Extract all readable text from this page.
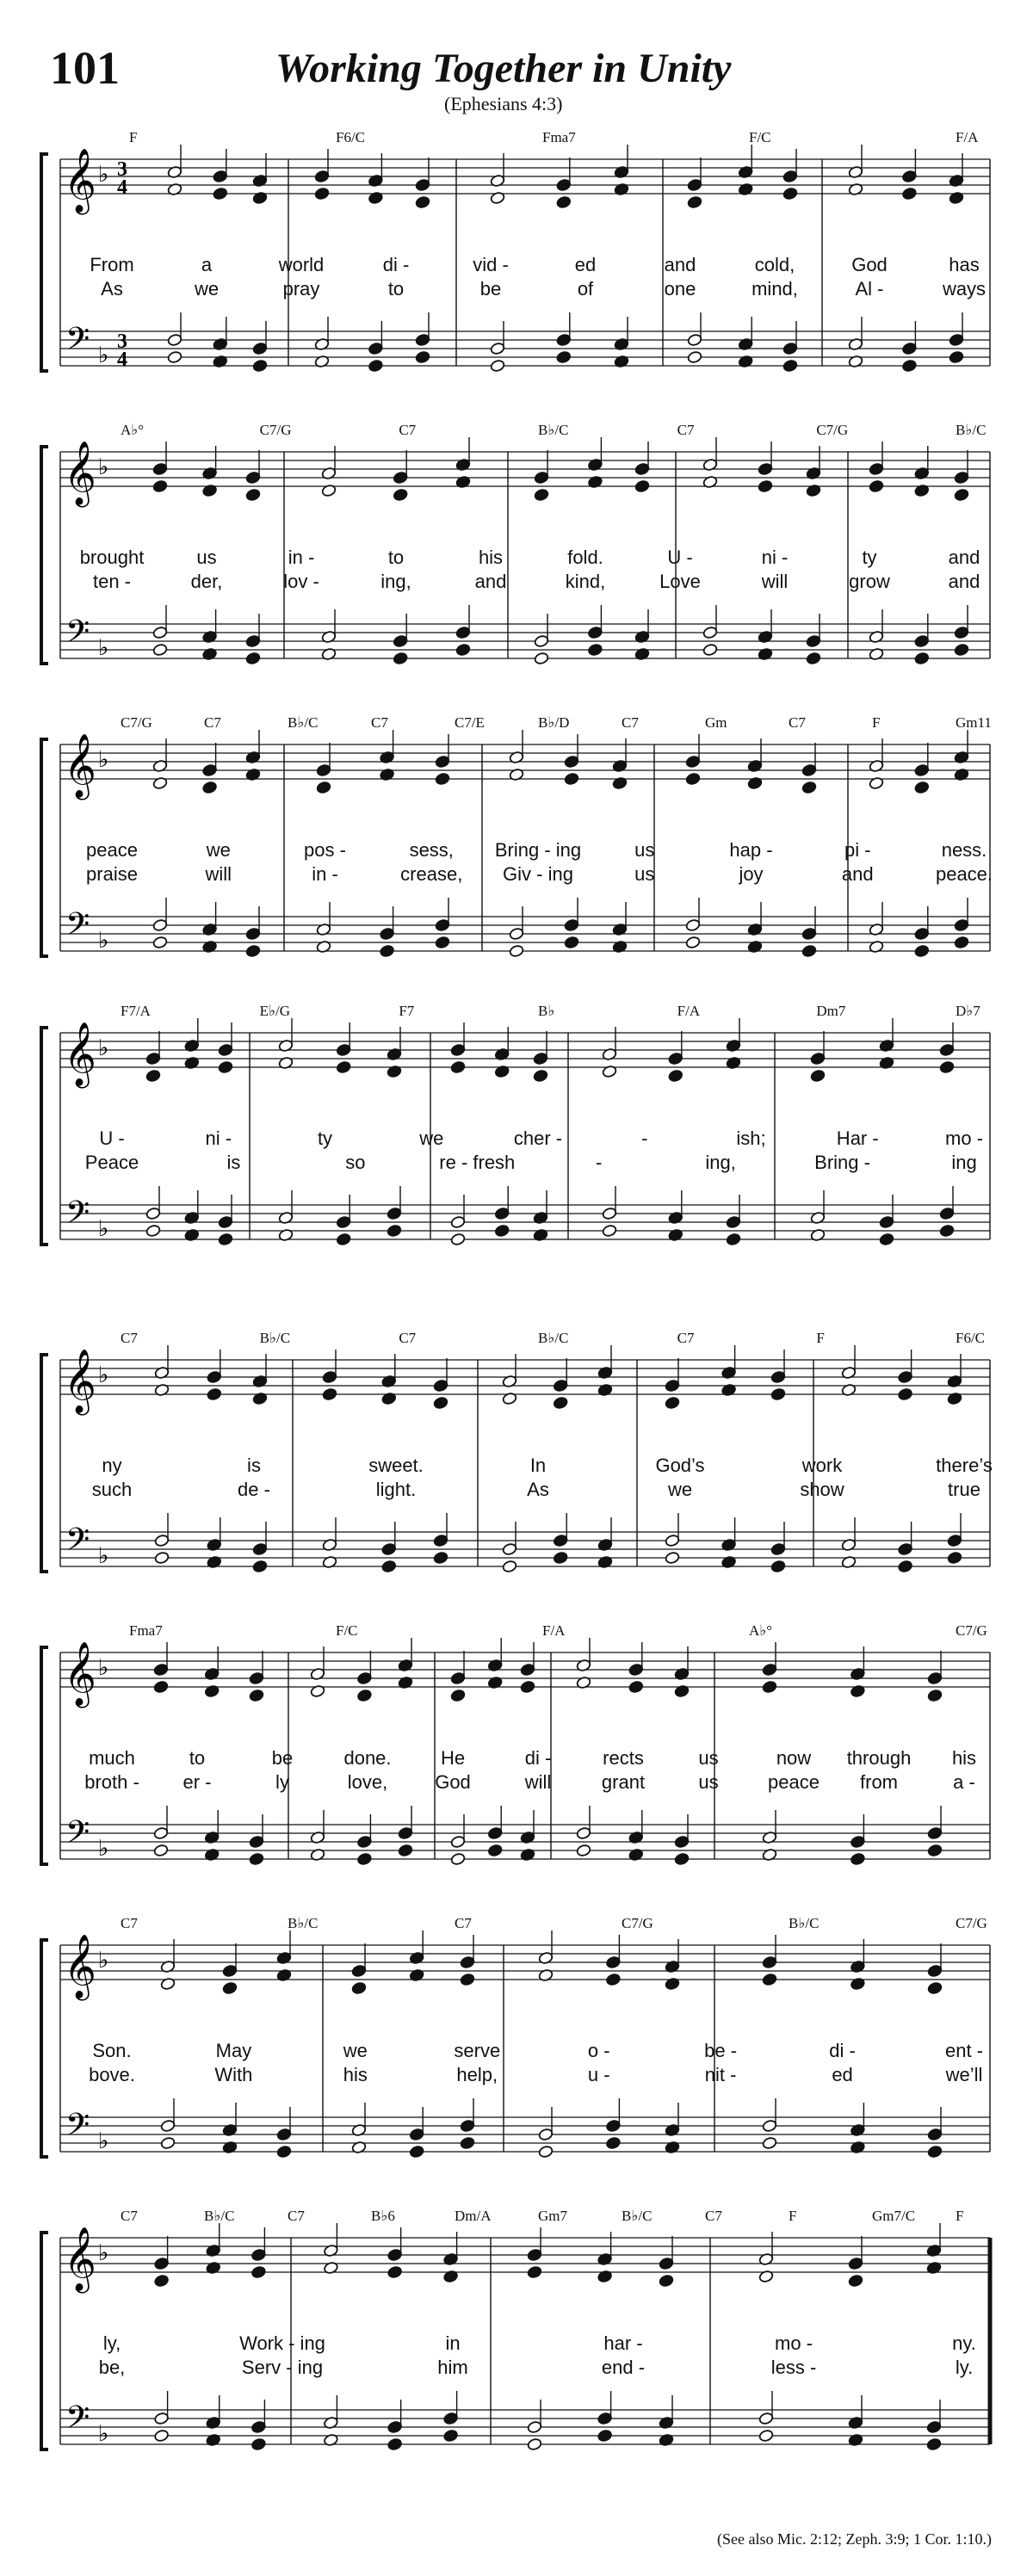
101	Working Together in Unity
(Ephesians 4:3)
𝄞
𝄢
♭
♭
3
4
3
4
F	F6/C	Fma7	F/C	F/A
From	a	world	di -	vid -	ed	and	cold,	God	has
As	we	pray	to	be	of	one	mind,	Al -	ways
𝄞
𝄢
♭
♭
A♭°	C7/G	C7	B♭/C	C7	C7/G	B♭/C
brought	us	in -	to	his	fold.	U -	ni -	ty	and
ten -	der,	lov -	ing,	and	kind,	Love	will	grow	and
𝄞
𝄢
♭
♭
C7/G	C7	B♭/C	C7	C7/E	B♭/D	C7	Gm	C7	F	Gm11
peace	we	pos -	sess, Bring - ing	us	hap -	pi -	ness.
praise	will	in -	crease, Giv - ing	us	joy	and	peace.
𝄞
𝄢
♭
♭
F7/A	E♭/G	F7	B♭	F/A	Dm7	D♭7
U -	ni -	ty	we	cher -	-	ish;	Har -	mo -
Peace	is	so	re - fresh	-	ing,	Bring -	ing
𝄞
𝄢
♭
♭
C7	B♭/C	C7	B♭/C	C7	F	F6/C
ny	is	sweet.	In	God’s	work	there’s
such	de -	light.	As	we	show	true
𝄞
𝄢
♭
♭
Fma7	F/C	F/A	A♭°	C7/G
much	to	be	done.	He	di -	rects	us	now through his
broth - er -	ly	love, God	will	grant	us	peace from	a -
𝄞
𝄢
♭
♭
C7	B♭/C	C7	C7/G	B♭/C	C7/G
Son.	May	we	serve	o -	be -	di -	ent -
bove.	With	his	help,	u -	nit -	ed	we’ll
𝄞
𝄢
♭
♭
C7	B♭/C	C7	B♭6	Dm/A	Gm7	B♭/C	C7	F	Gm7/C	F
ly,	Work - ing	in	har -	mo -	ny.
be,	Serv - ing	him	end -	less -	ly.
(See also Mic. 2:12; Zeph. 3:9; 1 Cor. 1:10.)
